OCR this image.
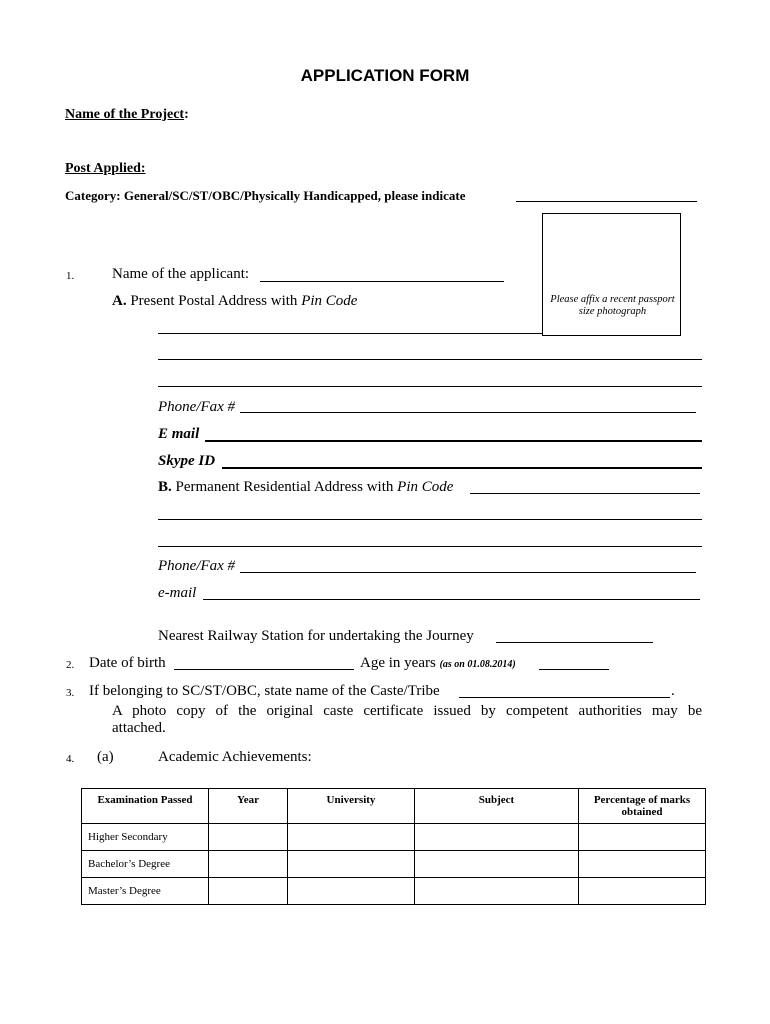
APPLICATION FORM
Name of the Project:
Post Applied:
Category: General/SC/ST/OBC/Physically Handicapped, please indicate
Please affix a recent passport size photograph
1.	Name of the applicant:
A. Present Postal Address with Pin Code
Phone/Fax #
E mail
Skype ID
B. Permanent Residential Address with Pin Code
Phone/Fax #
e-mail
Nearest Railway Station for undertaking the Journey
2. Date of birth	Age in years (as on 01.08.2014)
3. If belonging to SC/ST/OBC, state name of the Caste/Tribe	.
A photo copy of the original caste certificate issued by competent authorities may be
attached.
4. (a)	Academic Achievements:
Examination Passed	Year	University	Subject	Percentage of marks obtained
Higher Secondary				
Bachelor’s Degree				
Master’s Degree				
